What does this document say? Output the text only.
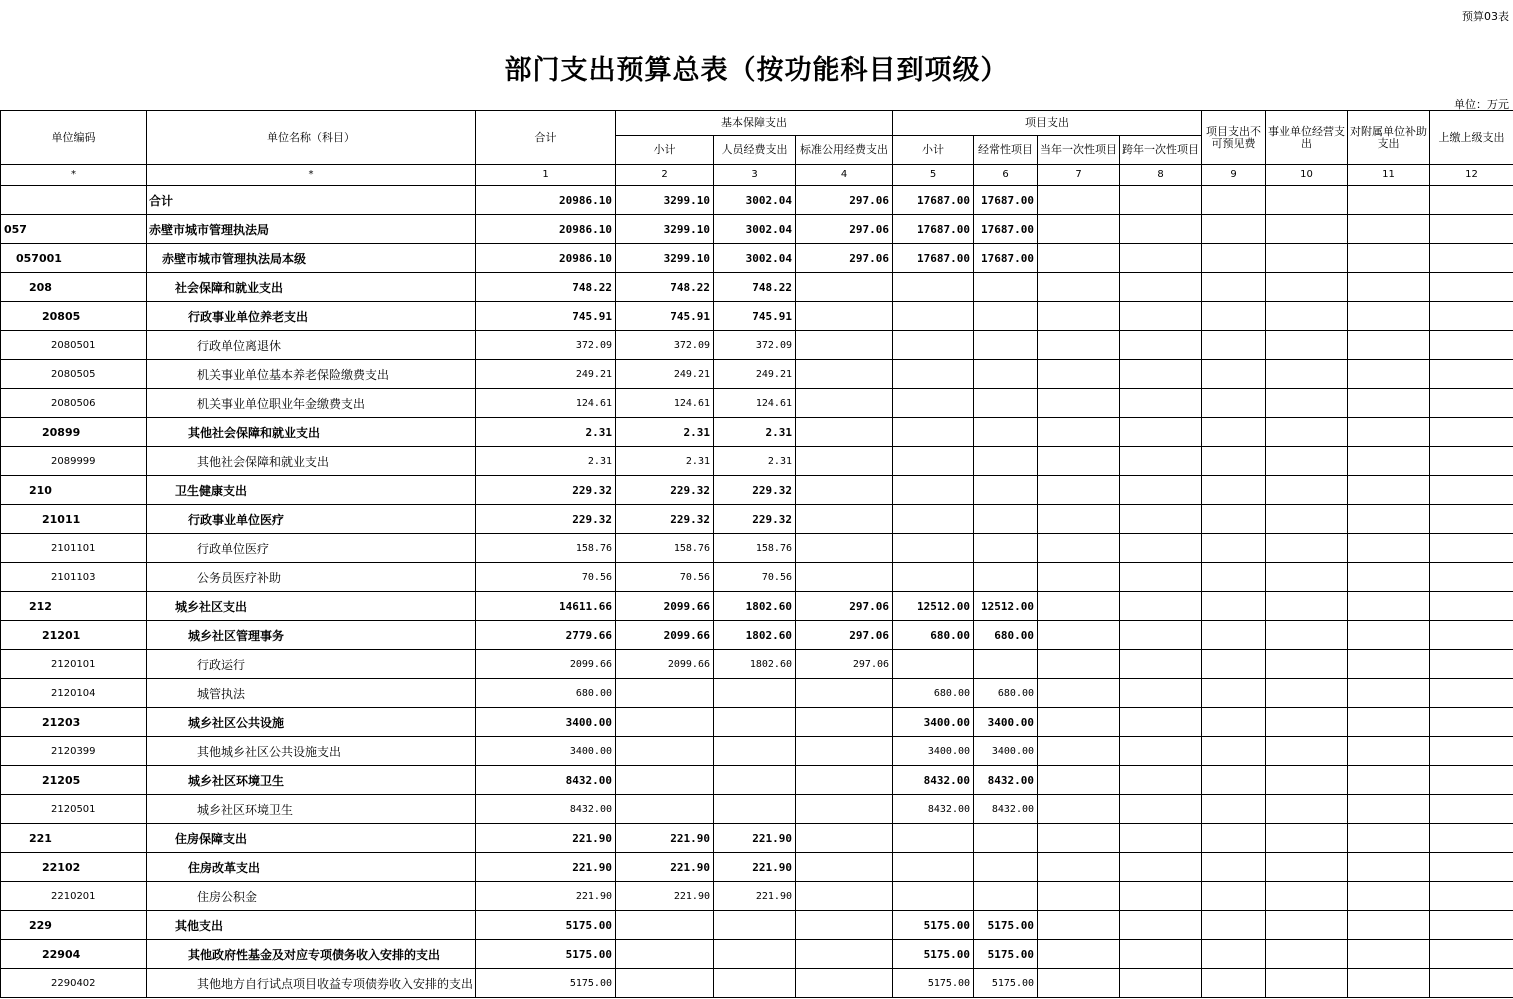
预算03表
部门支出预算总表（按功能科目到项级）
单位：万元
单位编码	单位名称（科目）	合计	基本保障支出			项目支出				项目支出不可预见费	事业单位经营支出	对附属单位补助支出	上缴上级支出
			小计	人员经费支出	标准公用经费支出	小计	经常性项目	当年一次性项目	跨年一次性项目				
*	*	1	2	3	4	5	6	7	8	9	10	11	12
	合计	20986.10	3299.10	3002.04	297.06	17687.00	17687.00						
057	赤壁市城市管理执法局	20986.10	3299.10	3002.04	297.06	17687.00	17687.00						
057001	赤壁市城市管理执法局本级	20986.10	3299.10	3002.04	297.06	17687.00	17687.00						
208	社会保障和就业支出	748.22	748.22	748.22									
20805	行政事业单位养老支出	745.91	745.91	745.91									
2080501	行政单位离退休	372.09	372.09	372.09									
2080505	机关事业单位基本养老保险缴费支出	249.21	249.21	249.21									
2080506	机关事业单位职业年金缴费支出	124.61	124.61	124.61									
20899	其他社会保障和就业支出	2.31	2.31	2.31									
2089999	其他社会保障和就业支出	2.31	2.31	2.31									
210	卫生健康支出	229.32	229.32	229.32									
21011	行政事业单位医疗	229.32	229.32	229.32									
2101101	行政单位医疗	158.76	158.76	158.76									
2101103	公务员医疗补助	70.56	70.56	70.56									
212	城乡社区支出	14611.66	2099.66	1802.60	297.06	12512.00	12512.00						
21201	城乡社区管理事务	2779.66	2099.66	1802.60	297.06	680.00	680.00						
2120101	行政运行	2099.66	2099.66	1802.60	297.06								
2120104	城管执法	680.00				680.00	680.00						
21203	城乡社区公共设施	3400.00				3400.00	3400.00						
2120399	其他城乡社区公共设施支出	3400.00				3400.00	3400.00						
21205	城乡社区环境卫生	8432.00				8432.00	8432.00						
2120501	城乡社区环境卫生	8432.00				8432.00	8432.00						
221	住房保障支出	221.90	221.90	221.90									
22102	住房改革支出	221.90	221.90	221.90									
2210201	住房公积金	221.90	221.90	221.90									
229	其他支出	5175.00				5175.00	5175.00						
22904	其他政府性基金及对应专项债务收入安排的支出	5175.00				5175.00	5175.00						
2290402	其他地方自行试点项目收益专项债券收入安排的支出	5175.00				5175.00	5175.00						
